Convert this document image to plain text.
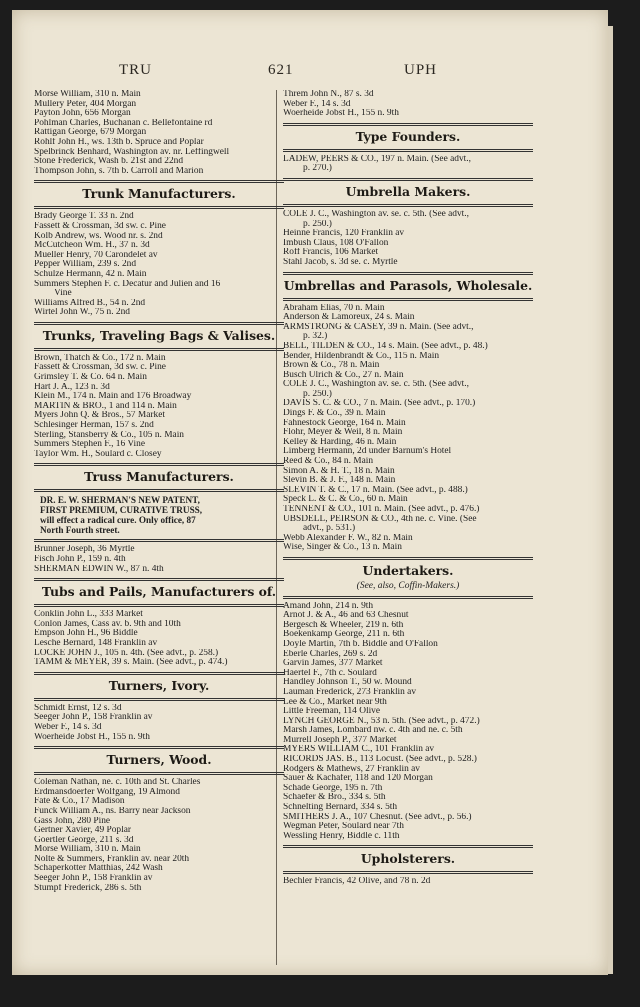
TRU	621	UPH
Morse William, 310 n. Main
Mullery Peter, 404 Morgan
Payton John, 656 Morgan
Pohlman Charles, Buchanan c. Bellefontaine rd
Rattigan George, 679 Morgan
Rohlf John H., ws. 13th b. Spruce and Poplar
Spelbrinck Benhard, Washington av. nr. Leffingwell
Stone Frederick, Wash b. 21st and 22nd
Thompson John, s. 7th b. Carroll and Marion
Trunk Manufacturers.
Brady George T. 33 n. 2nd
Fassett & Crossman, 3d sw. c. Pine
Kolb Andrew, ws. Wood nr. s. 2nd
McCutcheon Wm. H., 37 n. 3d
Mueller Henry, 70 Carondelet av
Pepper William, 239 s. 2nd
Schulze Hermann, 42 n. Main
Summers Stephen F. c. Decatur and Julien and 16
Vine
Williams Alfred B., 54 n. 2nd
Wirtel John W., 75 n. 2nd
Trunks, Traveling Bags & Valises.
Brown, Thatch & Co., 172 n. Main
Fassett & Crossman, 3d sw. c. Pine
Grimsley T. & Co. 64 n. Main
Hart J. A., 123 n. 3d
Klein M., 174 n. Main and 176 Broadway
MARTIN & BRO., 1 and 114 n. Main
Myers John Q. & Bros., 57 Market
Schlesinger Herman, 157 s. 2nd
Sterling, Stansberry & Co., 105 n. Main
Summers Stephen F., 16 Vine
Taylor Wm. H., Soulard c. Closey
Truss Manufacturers.
DR. E. W. SHERMAN'S NEW PATENT,
FIRST PREMIUM, CURATIVE TRUSS,
will effect a radical cure. Only office, 87
North Fourth street.
Brunner Joseph, 36 Myrtle
Fisch John P., 159 n. 4th
SHERMAN EDWIN W., 87 n. 4th
Tubs and Pails, Manufacturers of.
Conklin John L., 333 Market
Conlon James, Cass av. b. 9th and 10th
Empson John H., 96 Biddle
Lesche Bernard, 148 Franklin av
LOCKE JOHN J., 105 n. 4th. (See advt., p. 258.)
TAMM & MEYER, 39 s. Main. (See advt., p. 474.)
Turners, Ivory.
Schmidt Ernst, 12 s. 3d
Seeger John P., 158 Franklin av
Weber F., 14 s. 3d
Woerheide Jobst H., 155 n. 9th
Turners, Wood.
Coleman Nathan, ne. c. 10th and St. Charles
Erdmansdoerfer Wolfgang, 19 Almond
Fate & Co., 17 Madison
Funck William A., ns. Barry near Jackson
Gass John, 280 Pine
Gertner Xavier, 49 Poplar
Goertler George, 211 s. 3d
Morse William, 310 n. Main
Nolte & Summers, Franklin av. near 20th
Schaperkotter Matthias, 242 Wash
Seeger John P., 158 Franklin av
Stumpf Frederick, 286 s. 5th
Threm John N., 87 s. 3d
Weber F., 14 s. 3d
Woerheide Jobst H., 155 n. 9th
Type Founders.
LADEW, PEERS & CO., 197 n. Main. (See advt.,
p. 270.)
Umbrella Makers.
COLE J. C., Washington av. se. c. 5th. (See advt.,
p. 250.)
Heinne Francis, 120 Franklin av
Imbush Claus, 108 O'Fallon
Roff Francis, 106 Market
Stahl Jacob, s. 3d se. c. Myrtle
Umbrellas and Parasols, Wholesale.
Abraham Elias, 70 n. Main
Anderson & Lamoreux, 24 s. Main
ARMSTRONG & CASEY, 39 n. Main. (See advt.,
p. 32.)
BELL, TILDEN & CO., 14 s. Main. (See advt., p. 48.)
Bender, Hildenbrandt & Co., 115 n. Main
Brown & Co., 78 n. Main
Busch Ulrich & Co., 27 n. Main
COLE J. C., Washington av. se. c. 5th. (See advt.,
p. 250.)
DAVIS S. C. & CO., 7 n. Main. (See advt., p. 170.)
Dings F. & Co., 39 n. Main
Fahnestock George, 164 n. Main
Flohr, Meyer & Weil, 8 n. Main
Kelley & Harding, 46 n. Main
Limberg Hermann, 2d under Barnum's Hotel
Reed & Co., 84 n. Main
Simon A. & H. T., 18 n. Main
Slevin B. & J. F., 148 n. Main
SLEVIN T. & C., 17 n. Main. (See advt., p. 488.)
Speck L. & C. & Co., 60 n. Main
TENNENT & CO., 101 n. Main. (See advt., p. 476.)
UBSDELL, PEIRSON & CO., 4th ne. c. Vine. (See
advt., p. 531.)
Webb Alexander F. W., 82 n. Main
Wise, Singer & Co., 13 n. Main
Undertakers.
(See, also, Coffin-Makers.)
Amand John, 214 n. 9th
Arnot J. & A., 46 and 63 Chesnut
Bergesch & Wheeler, 219 n. 6th
Boekenkamp George, 211 n. 6th
Doyle Martin, 7th b. Biddle and O'Fallon
Eberle Charles, 269 s. 2d
Garvin James, 377 Market
Haertel F., 7th c. Soulard
Handley Johnson T., 50 w. Mound
Lauman Frederick, 273 Franklin av
Lee & Co., Market near 9th
Little Freeman, 114 Olive
LYNCH GEORGE N., 53 n. 5th. (See advt., p. 472.)
Marsh James, Lombard nw. c. 4th and ne. c. 5th
Murrell Joseph P., 377 Market
MYERS WILLIAM C., 101 Franklin av
RICORDS JAS. B., 113 Locust. (See advt., p. 528.)
Rodgers & Mathews, 27 Franklin av
Sauer & Kachafer, 118 and 120 Morgan
Schade George, 195 n. 7th
Schaefer & Bro., 334 s. 5th
Schnelting Bernard, 334 s. 5th
SMITHERS J. A., 107 Chesnut. (See advt., p. 56.)
Wegman Peter, Soulard near 7th
Wessling Henry, Biddle c. 11th
Upholsterers.
Bechler Francis, 42 Olive, and 78 n. 2d
